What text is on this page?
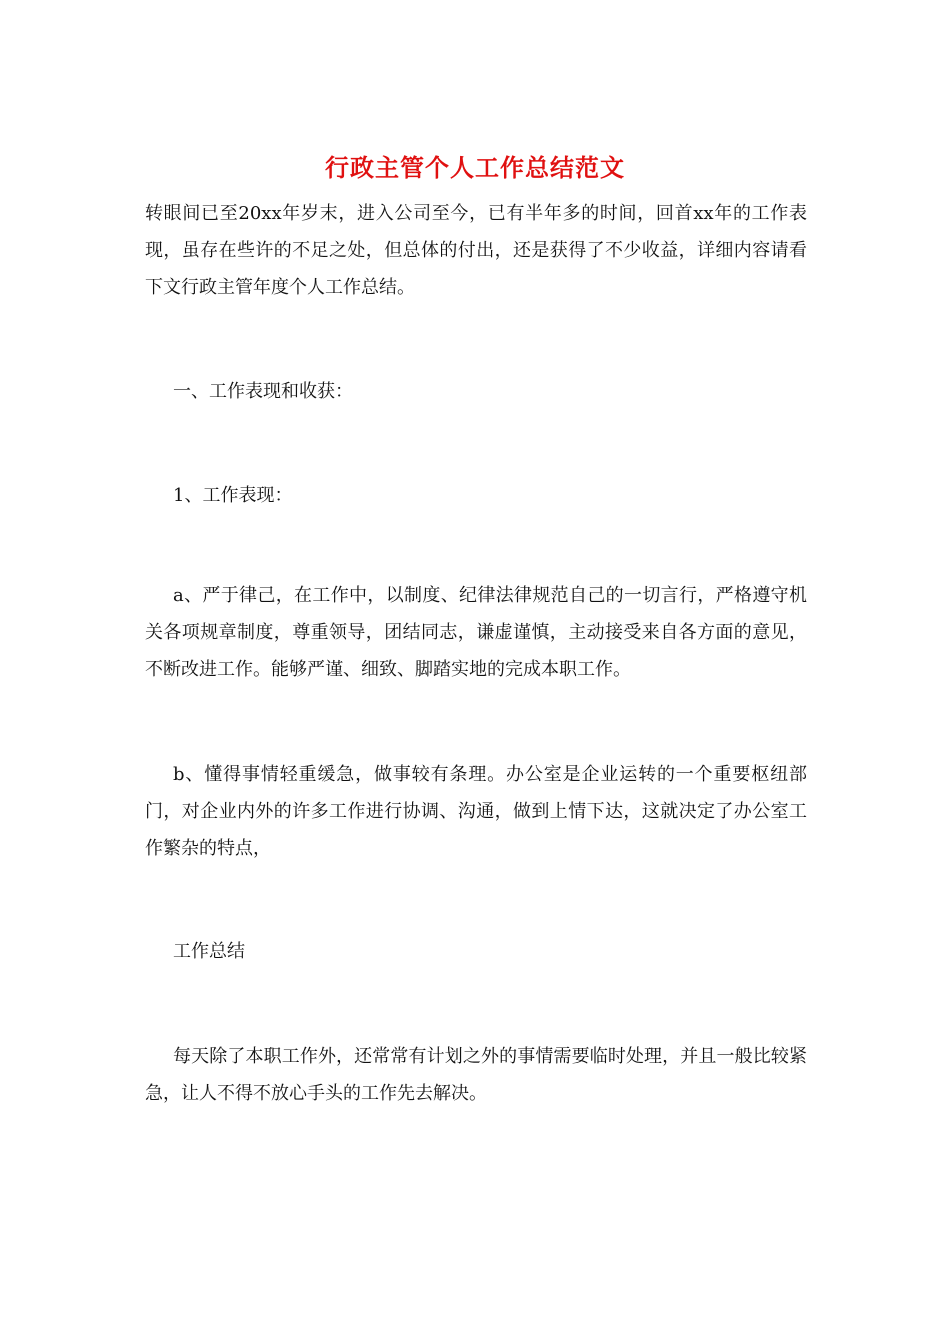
行政主管个人工作总结范文

转眼间已至20xx年岁末，进入公司至今，已有半年多的时间，回首xx年的工作表现，虽存在些许的不足之处，但总体的付出，还是获得了不少收益，详细内容请看下文行政主管年度个人工作总结。

一、工作表现和收获：

1、工作表现：

a、严于律己，在工作中，以制度、纪律法律规范自己的一切言行，严格遵守机关各项规章制度，尊重领导，团结同志，谦虚谨慎，主动接受来自各方面的意见，不断改进工作。能够严谨、细致、脚踏实地的完成本职工作。

b、懂得事情轻重缓急，做事较有条理。办公室是企业运转的一个重要枢纽部门，对企业内外的许多工作进行协调、沟通，做到上情下达，这就决定了办公室工作繁杂的特点，

工作总结

每天除了本职工作外，还常常有计划之外的事情需要临时处理，并且一般比较紧急，让人不得不放心手头的工作先去解决。
